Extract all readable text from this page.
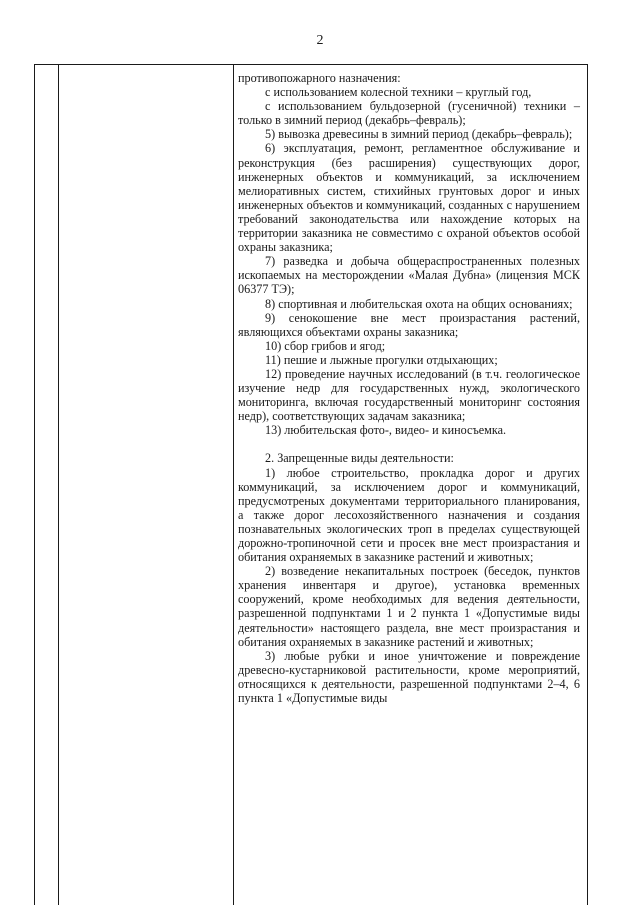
2

противопожарного назначения:

с использованием колесной техники – круглый год,

с использованием бульдозерной (гусеничной) техники – только в зимний период (декабрь–февраль);

5) вывозка древесины в зимний период (декабрь–февраль);

6) эксплуатация, ремонт, регламентное обслуживание и реконструкция (без расширения) существующих дорог, инженерных объектов и коммуникаций, за исключением мелиоративных систем, стихийных грунтовых дорог и иных инженерных объектов и коммуникаций, созданных с нарушением требований законодательства или нахождение которых на территории заказника не совместимо с охраной объектов особой охраны заказника;

7) разведка и добыча общераспространенных полезных ископаемых на месторождении «Малая Дубна» (лицензия МСК 06377 ТЭ);

8) спортивная и любительская охота на общих основаниях;

9) сенокошение вне мест произрастания растений, являющихся объектами охраны заказника;

10) сбор грибов и ягод;

11) пешие и лыжные прогулки отдыхающих;

12) проведение научных исследований (в т.ч. геологическое изучение недр для государственных нужд, экологического мониторинга, включая государственный мониторинг состояния недр), соответствующих задачам заказника;

13) любительская фото-, видео- и киносъемка.

2. Запрещенные виды деятельности:

1) любое строительство, прокладка дорог и других коммуникаций, за исключением дорог и коммуникаций, предусмотреных документами территориального планирования, а также дорог лесохозяйственного назначения и создания познавательных экологических троп в пределах существующей дорожно-тропиночной сети и просек вне мест произрастания и обитания охраняемых в заказнике растений и животных;

2) возведение некапитальных построек (беседок, пунктов хранения инвентаря и другое), установка временных сооружений, кроме необходимых для ведения деятельности, разрешенной подпунктами 1 и 2 пункта 1 «Допустимые виды деятельности» настоящего раздела, вне мест произрастания и обитания охраняемых в заказнике растений и животных;

3) любые рубки и иное уничтожение и повреждение древесно-кустарниковой растительности, кроме мероприятий, относящихся к деятельности, разрешенной подпунктами 2–4, 6 пункта 1 «Допустимые виды
